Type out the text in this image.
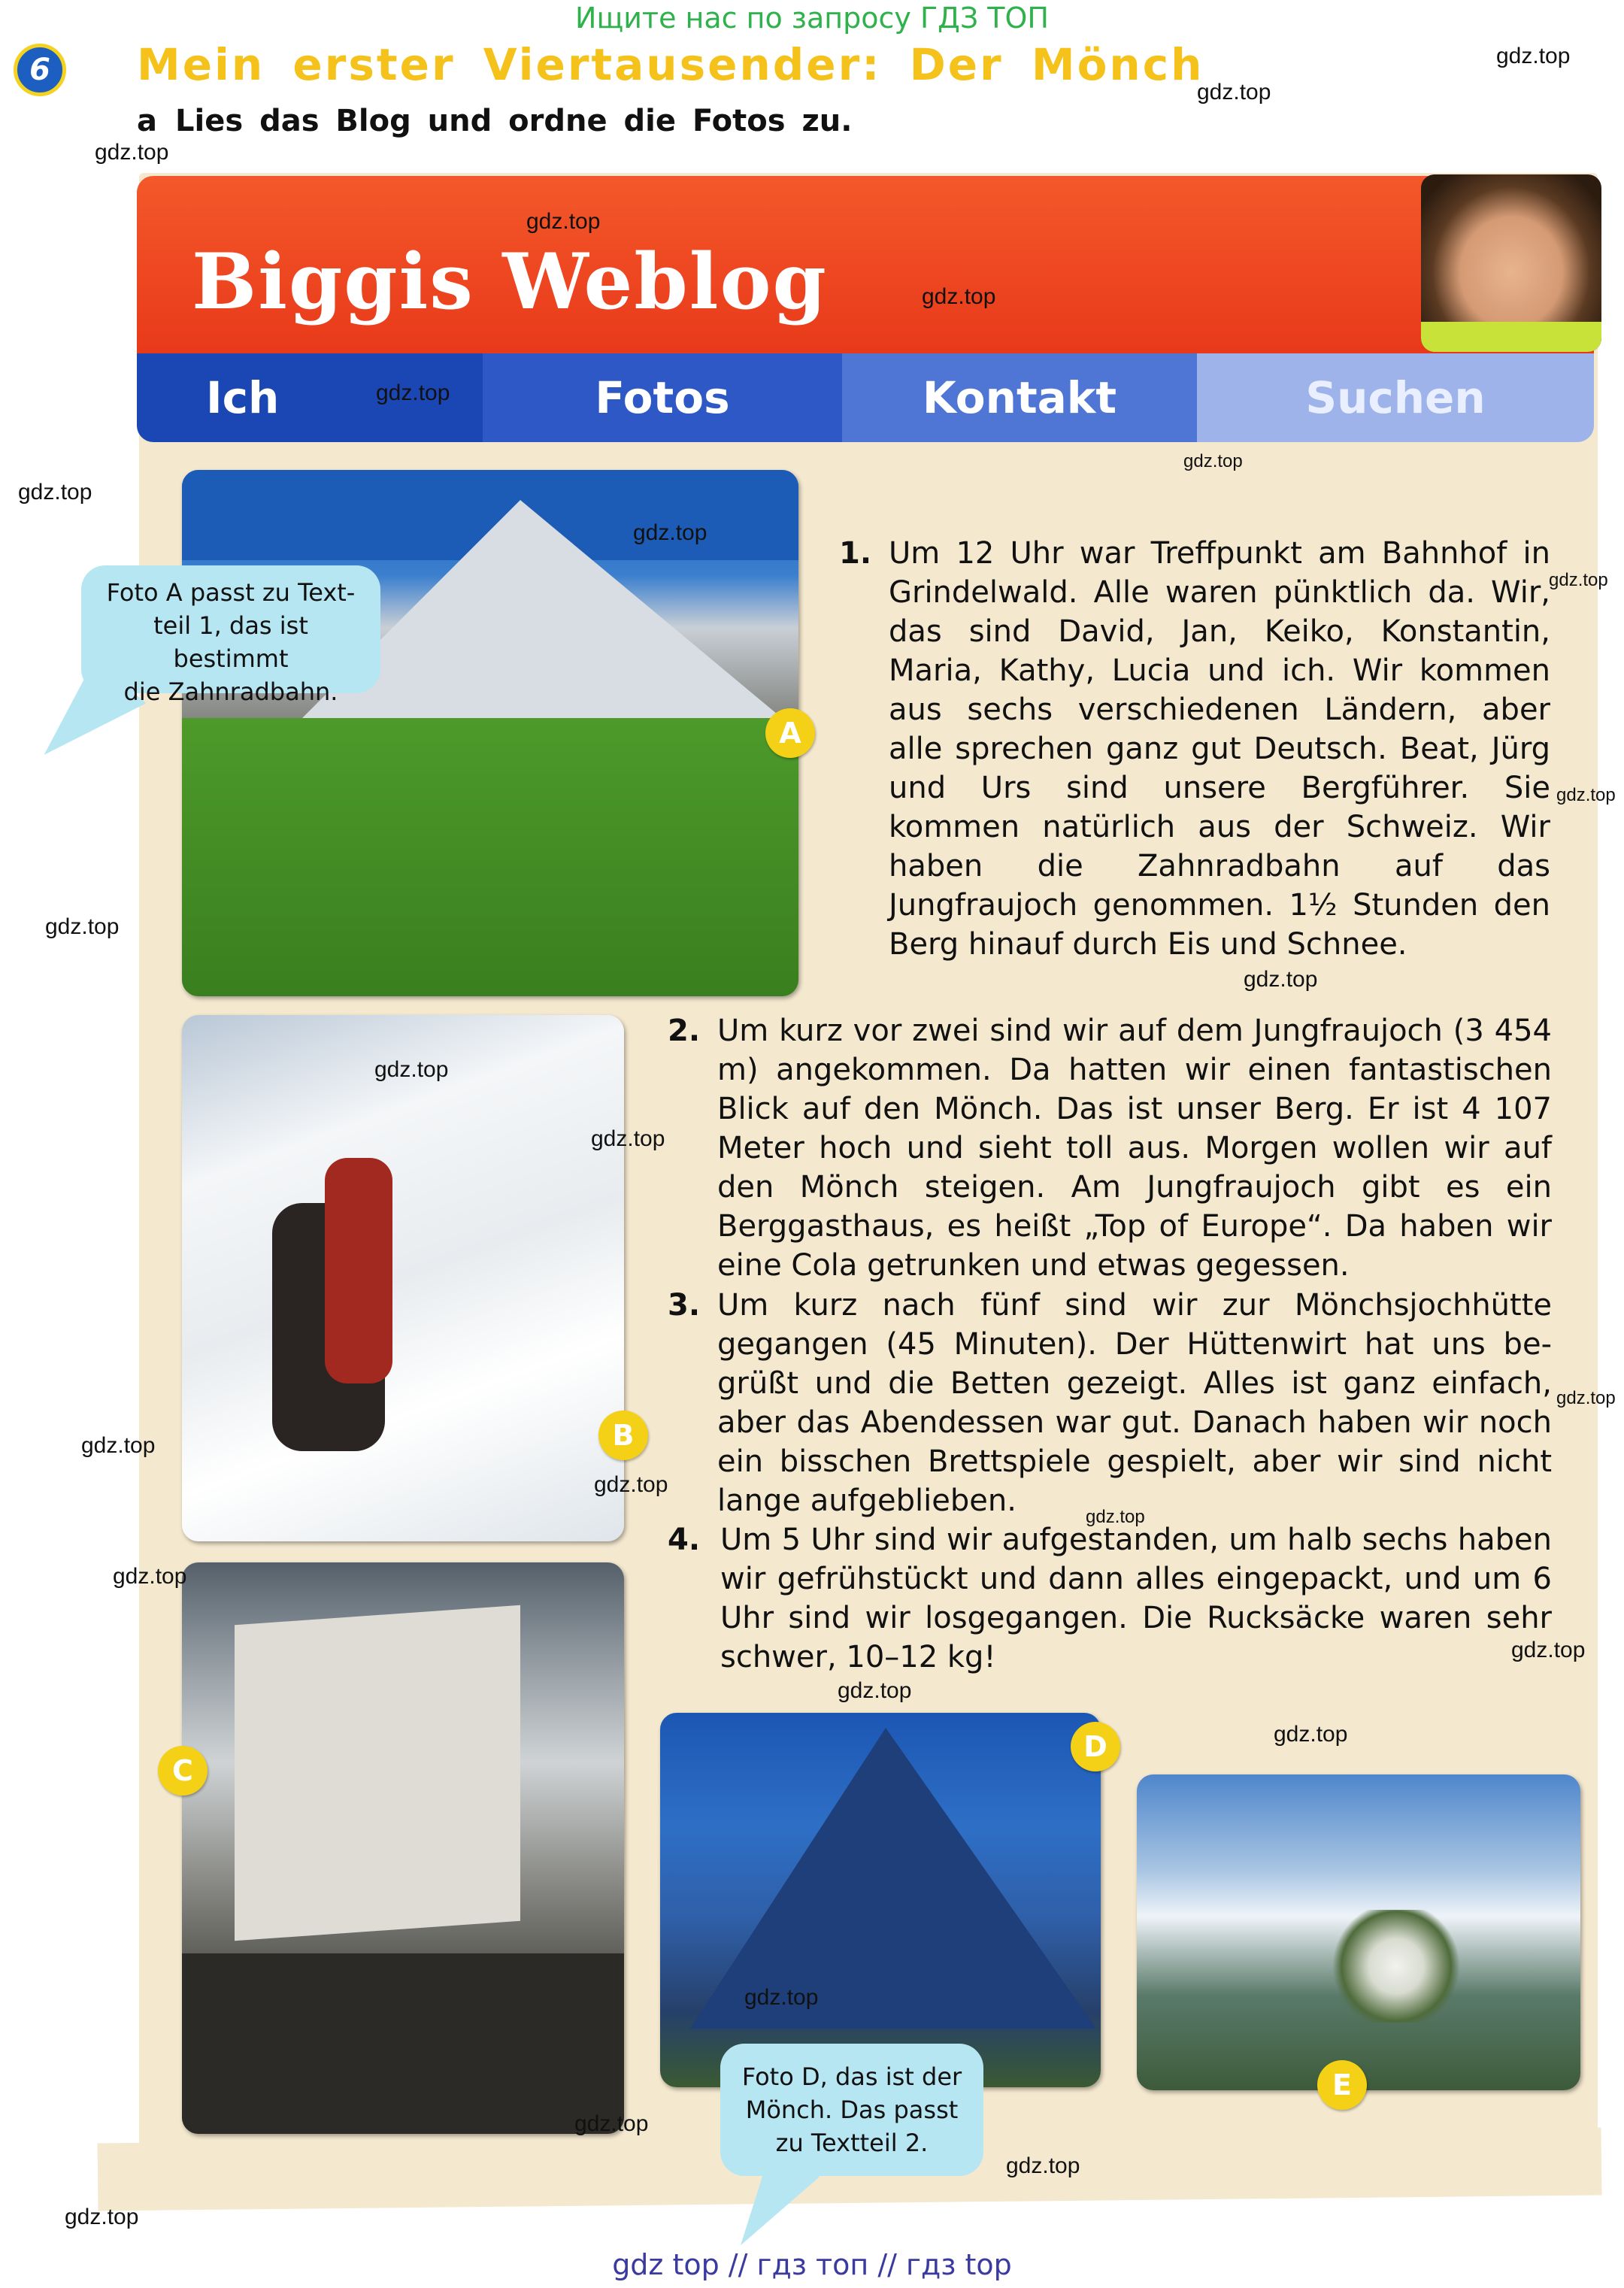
Ищите нас по запросу ГДЗ ТОП
6	Mein erster Viertausender: Der Mönch
a Lies das Blog und ordne die Fotos zu.
Biggis Weblog
Ich	Fotos	Kontakt	Suchen
A
B
C
D
E
Foto A passt zu Text-
teil 1, das ist bestimmt
die Zahnradbahn.
Foto D, das ist der
Mönch. Das passt
zu Textteil 2.
1. Um 12 Uhr war Treffpunkt am Bahnhof in Grindelwald. Alle waren pünktlich da. Wir, das sind David, Jan, Keiko, Konstantin, Maria, Kathy, Lucia und ich. Wir kommen aus sechs verschiedenen Ländern, aber alle sprechen ganz gut Deutsch. Beat, Jürg und Urs sind unsere Bergführer. Sie kommen natürlich aus der Schweiz. Wir haben die Zahnradbahn auf das Jungfraujoch genommen. 1½ Stunden den Berg hinauf durch Eis und Schnee.
2. Um kurz vor zwei sind wir auf dem Jungfraujoch (3 454 m) angekommen. Da hatten wir einen fantastischen Blick auf den Mönch. Das ist unser Berg. Er ist 4 107 Meter hoch und sieht toll aus. Morgen wollen wir auf den Mönch steigen. Am Jungfraujoch gibt es ein Berggasthaus, es heißt „Top of Europe“. Da haben wir eine Cola getrunken und etwas gegessen.
3. Um kurz nach fünf sind wir zur Mönchsjochhütte gegangen (45 Minuten). Der Hüttenwirt hat uns begrüßt und die Betten gezeigt. Alles ist ganz einfach, aber das Abendessen war gut. Danach haben wir noch ein bisschen Brettspiele gespielt, aber wir sind nicht lange aufgeblieben.
4. Um 5 Uhr sind wir aufgestanden, um halb sechs haben wir gefrühstückt und dann alles eingepackt, und um 6 Uhr sind wir losgegangen. Die Rucksäcke waren sehr schwer, 10–12 kg!
gdz.top
gdz.top
gdz.top
gdz.top
gdz.top
gdz.top
gdz.top
gdz.top
gdz.top
gdz.top
gdz.top
gdz.top
gdz.top
gdz.top
gdz.top
gdz.top
gdz.top
gdz.top
gdz.top
gdz.top
gdz.top
gdz.top
gdz.top
gdz.top
gdz.top
gdz.top
gdz.top
gdz top // гдз топ // гдз top
